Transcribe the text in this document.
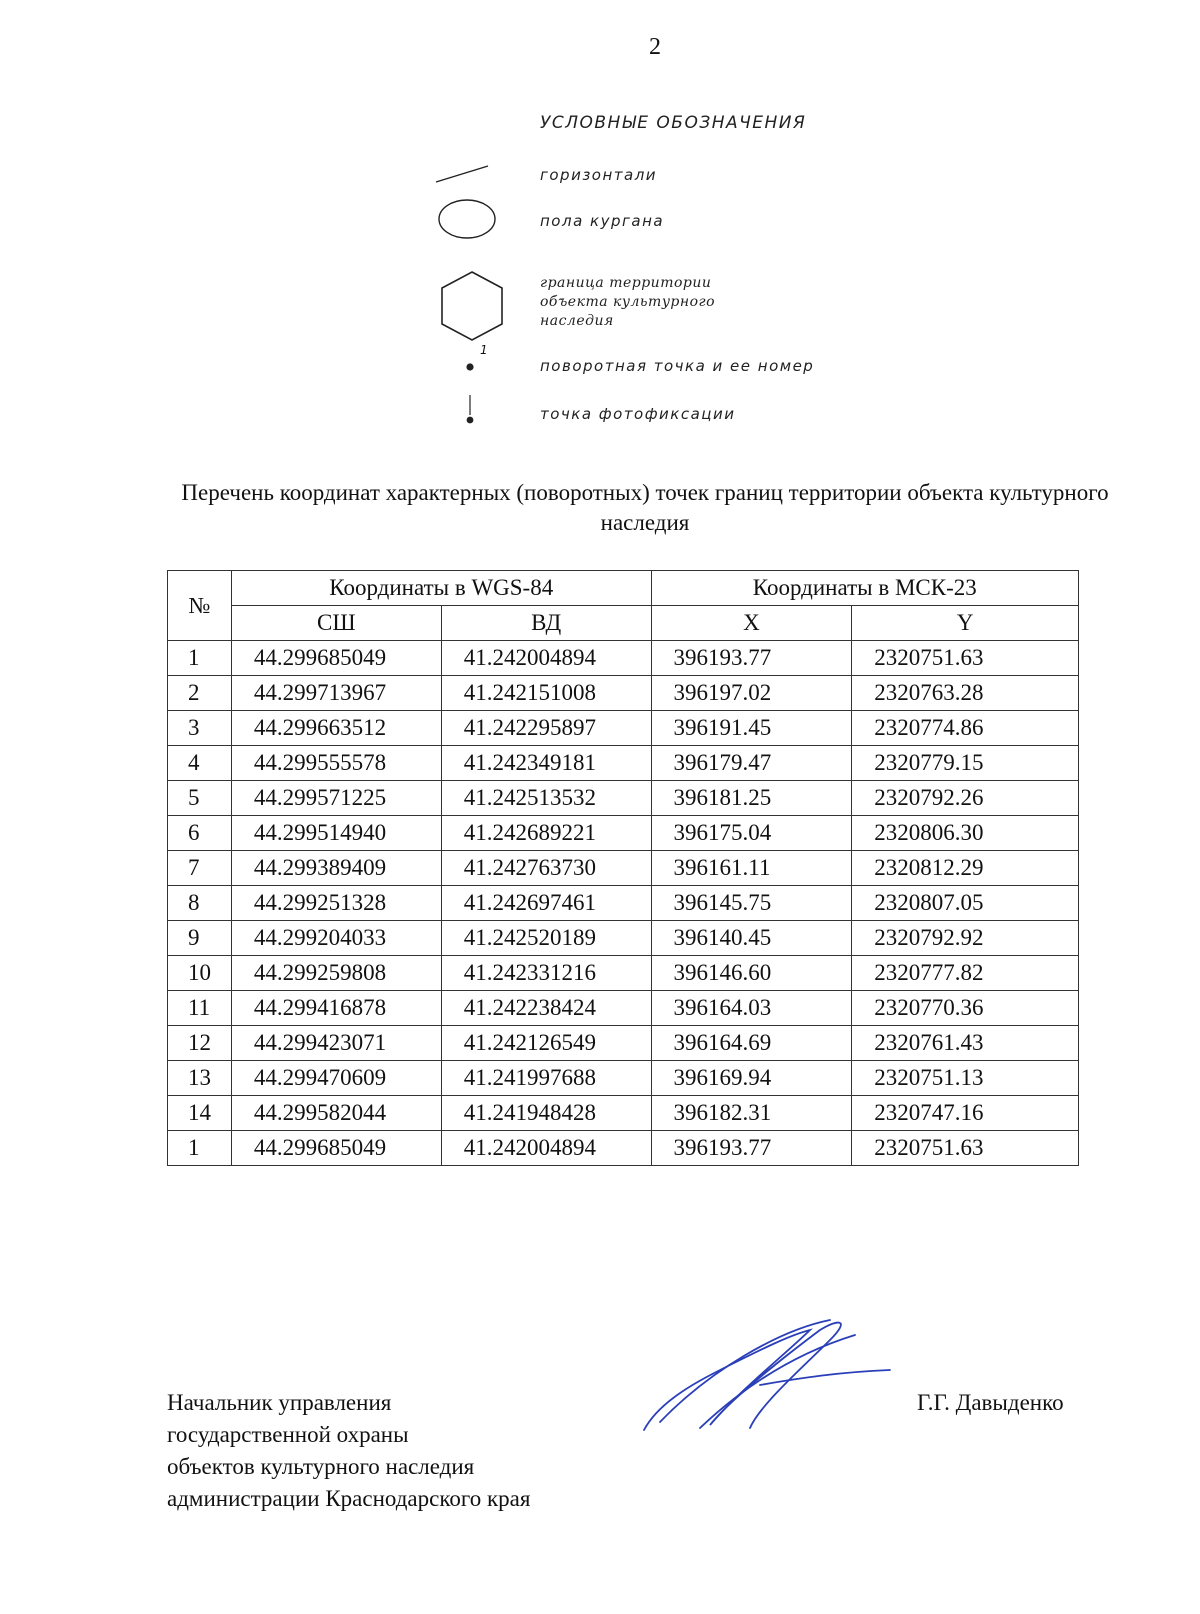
2
УСЛОВНЫЕ ОБОЗНАЧЕНИЯ
горизонтали
пола кургана
граница территории объекта культурного наследия
1
поворотная точка и ее номер
точка фотофиксации
Перечень координат характерных (поворотных) точек границ территории объекта культурного наследия
№	Координаты в WGS-84		Координаты в МСК-23	
	СШ	ВД	X	Y
1	44.299685049	41.242004894	396193.77	2320751.63
2	44.299713967	41.242151008	396197.02	2320763.28
3	44.299663512	41.242295897	396191.45	2320774.86
4	44.299555578	41.242349181	396179.47	2320779.15
5	44.299571225	41.242513532	396181.25	2320792.26
6	44.299514940	41.242689221	396175.04	2320806.30
7	44.299389409	41.242763730	396161.11	2320812.29
8	44.299251328	41.242697461	396145.75	2320807.05
9	44.299204033	41.242520189	396140.45	2320792.92
10	44.299259808	41.242331216	396146.60	2320777.82
11	44.299416878	41.242238424	396164.03	2320770.36
12	44.299423071	41.242126549	396164.69	2320761.43
13	44.299470609	41.241997688	396169.94	2320751.13
14	44.299582044	41.241948428	396182.31	2320747.16
1	44.299685049	41.242004894	396193.77	2320751.63
Начальник управления
государственной охраны
объектов культурного наследия
администрации Краснодарского края
Г.Г. Давыденко
